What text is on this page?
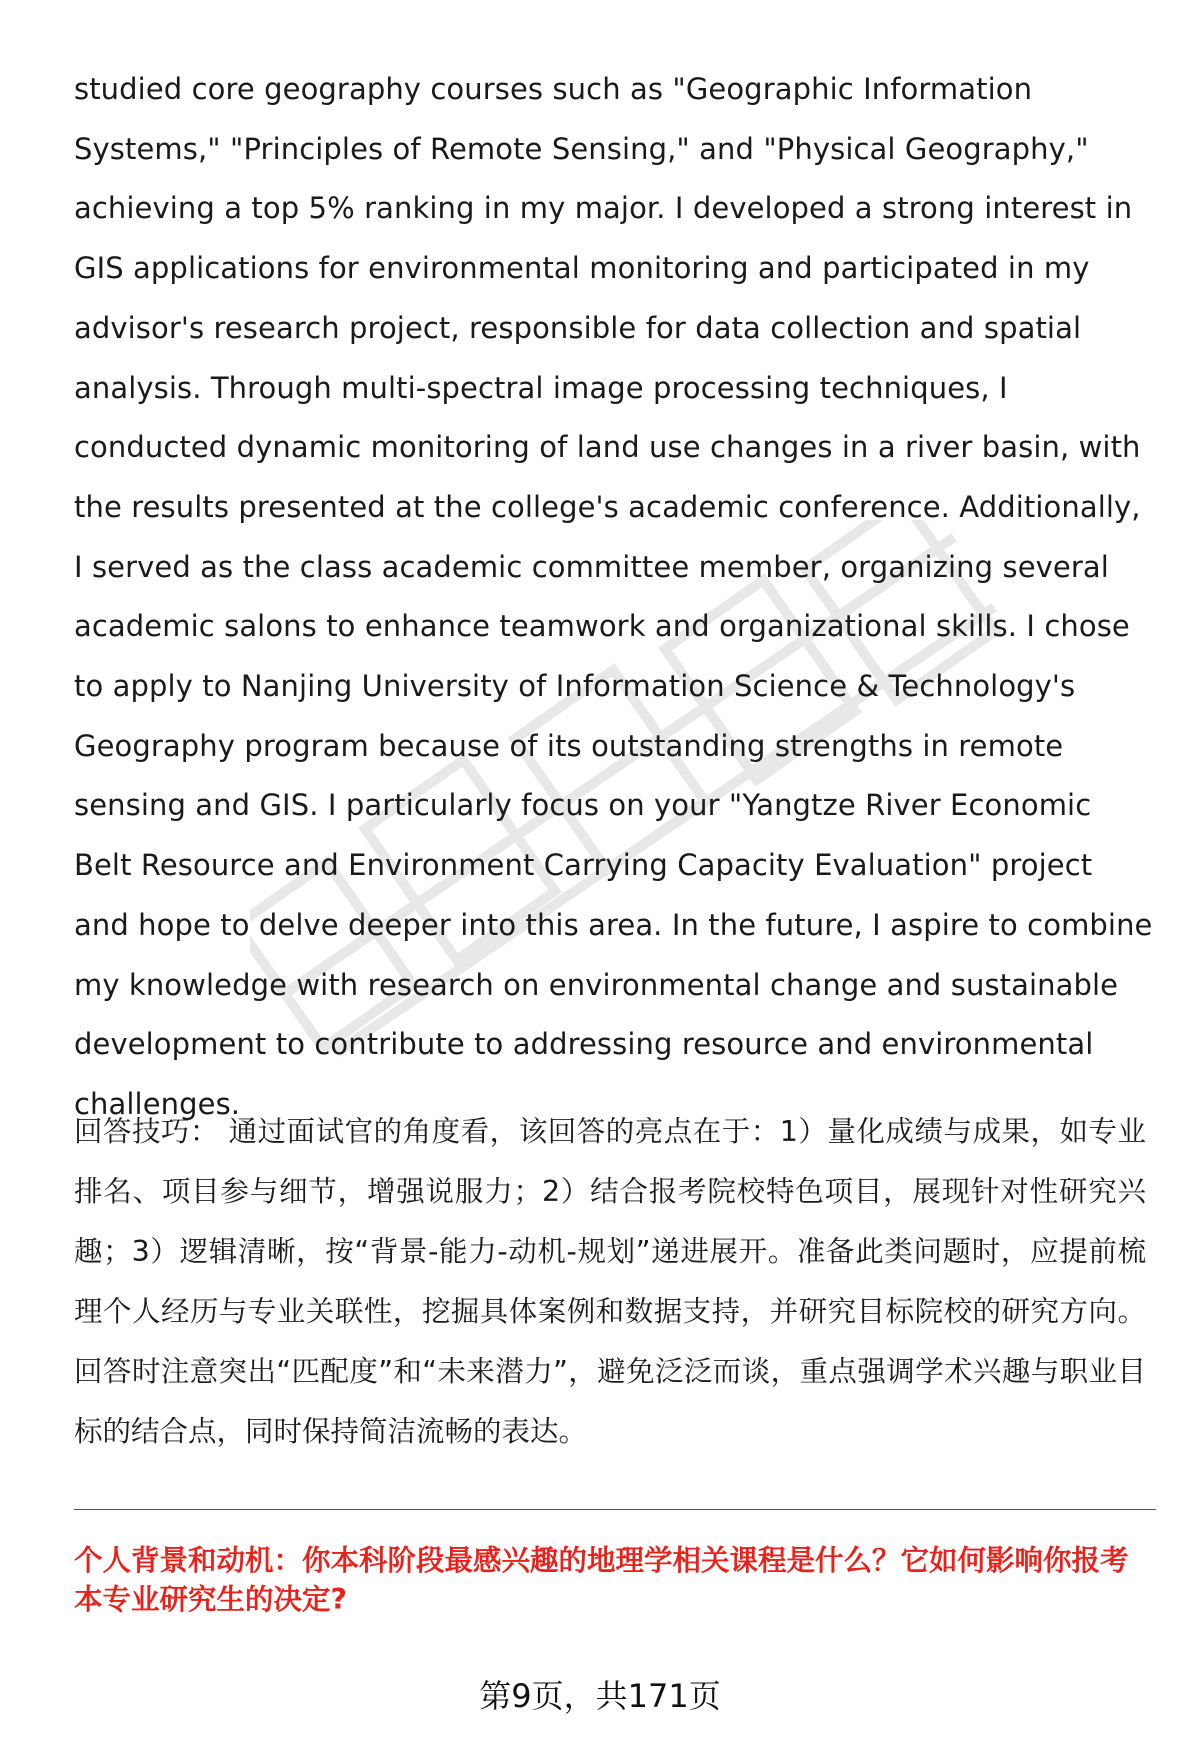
studied core geography courses such as "Geographic Information Systems," "Principles of Remote Sensing," and "Physical Geography," achieving a top 5% ranking in my major. I developed a strong interest in GIS applications for environmental monitoring and participated in my advisor's research project, responsible for data collection and spatial analysis. Through multi-spectral image processing techniques, I conducted dynamic monitoring of land use changes in a river basin, with the results presented at the college's academic conference. Additionally, I served as the class academic committee member, organizing several academic salons to enhance teamwork and organizational skills. I chose to apply to Nanjing University of Information Science & Technology's Geography program because of its outstanding strengths in remote sensing and GIS. I particularly focus on your "Yangtze River Economic Belt Resource and Environment Carrying Capacity Evaluation" project and hope to delve deeper into this area. In the future, I aspire to combine my knowledge with research on environmental change and sustainable development to contribute to addressing resource and environmental challenges.

回答技巧： 通过面试官的角度看，该回答的亮点在于：1）量化成绩与成果，如专业排名、项目参与细节，增强说服力；2）结合报考院校特色项目，展现针对性研究兴趣；3）逻辑清晰，按“背景-能力-动机-规划”递进展开。准备此类问题时，应提前梳理个人经历与专业关联性，挖掘具体案例和数据支持，并研究目标院校的研究方向。回答时注意突出“匹配度”和“未来潜力”，避免泛泛而谈，重点强调学术兴趣与职业目标的结合点，同时保持简洁流畅的表达。

个人背景和动机：你本科阶段最感兴趣的地理学相关课程是什么？它如何影响你报考本专业研究生的决定?

第9页，共171页
